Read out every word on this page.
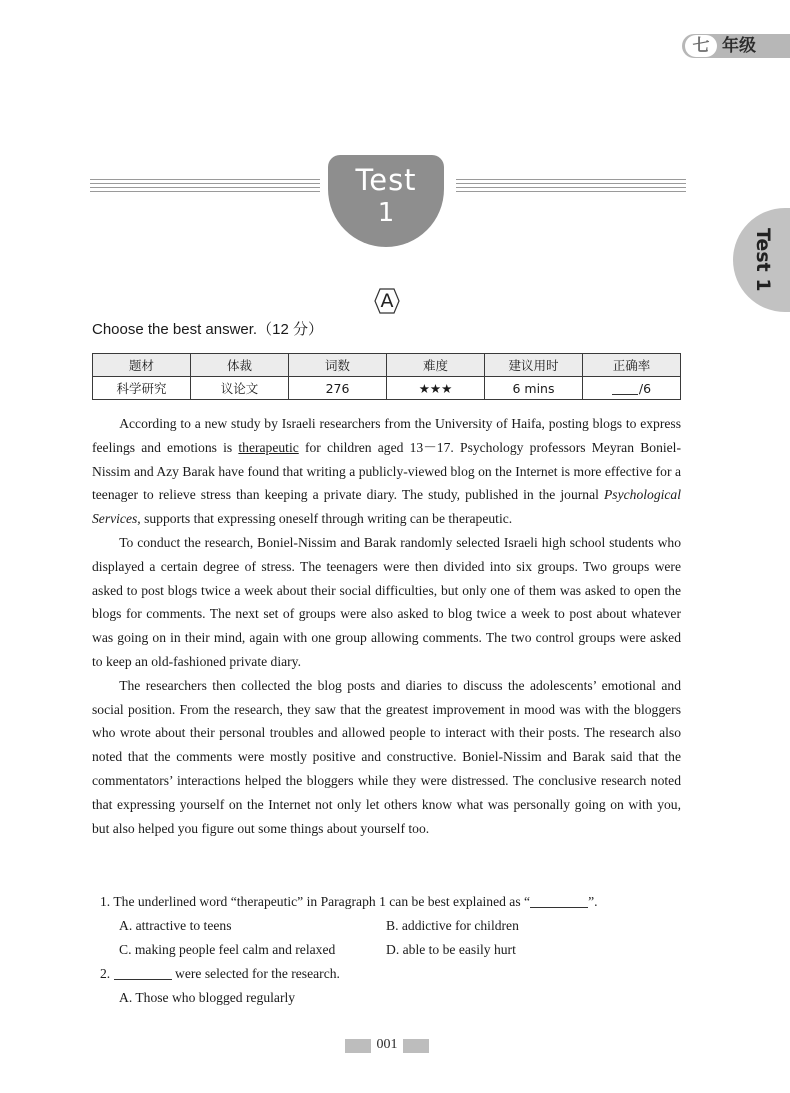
七 年级
Test 1
Test
1
A
Choose the best answer.（12 分）
题材	体裁	词数	难度	建议用时	正确率
科学研究	议论文	276	★★★	6 mins	/6

According to a new study by Israeli researchers from the University of Haifa, posting blogs to express feelings and emotions is therapeutic for children aged 13－17. Psychology professors Meyran Boniel-Nissim and Azy Barak have found that writing a publicly-viewed blog on the Internet is more effective for a teenager to relieve stress than keeping a private diary. The study, published in the journal Psychological Services, supports that expressing oneself through writing can be therapeutic.

To conduct the research, Boniel-Nissim and Barak randomly selected Israeli high school students who displayed a certain degree of stress. The teenagers were then divided into six groups. Two groups were asked to post blogs twice a week about their social difficulties, but only one of them was asked to open the blogs for comments. The next set of groups were also asked to blog twice a week to post about whatever was going on in their mind, again with one group allowing comments. The two control groups were asked to keep an old-fashioned private diary.

The researchers then collected the blog posts and diaries to discuss the adolescents’ emotional and social position. From the research, they saw that the greatest improvement in mood was with the bloggers who wrote about their personal troubles and allowed people to interact with their posts. The research also noted that the comments were mostly positive and constructive. Boniel-Nissim and Barak said that the commentators’ interactions helped the bloggers while they were distressed. The conclusive research noted that expressing yourself on the Internet not only let others know what was personally going on with you, but also helped you figure out some things about yourself too.

1. The underlined word “therapeutic” in Paragraph 1 can be best explained as “	”.
A. attractive to teens	B. addictive for children
C. making people feel calm and relaxed	D. able to be easily hurt
2.	were selected for the research.
A. Those who blogged regularly
001
